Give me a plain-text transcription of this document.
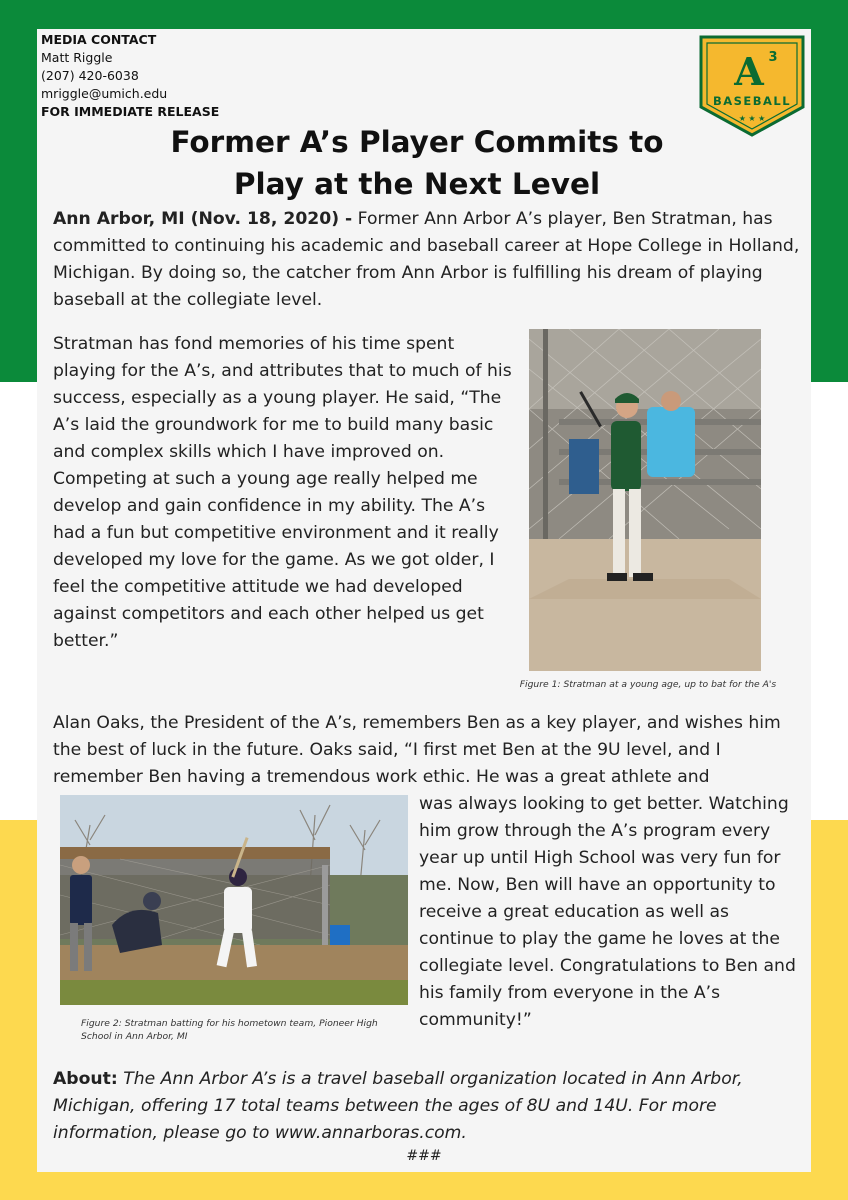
MEDIA CONTACT
Matt Riggle
(207) 420-6038
mriggle@umich.edu
FOR IMMEDIATE RELEASE
A 3
BASEBALL
★ ★ ★
Former A’s Player Commits to
Play at the Next Level

Ann Arbor, MI (Nov. 18, 2020) - Former Ann Arbor A’s player, Ben Stratman, has committed to continuing his academic and baseball career at Hope College in Holland, Michigan. By doing so, the catcher from Ann Arbor is fulfilling his dream of playing baseball at the collegiate level.

Stratman has fond memories of his time spent playing for the A’s, and attributes that to much of his success, especially as a young player. He said, “The A’s laid the groundwork for me to build many basic and complex skills which I have improved on. Competing at such a young age really helped me develop and gain confidence in my ability. The A’s had a fun but competitive environment and it really developed my love for the game. As we got older, I feel the competitive attitude we had developed against competitors and each other helped us get better.”

Figure 1: Stratman at a young age, up to bat for the A's

Alan Oaks, the President of the A’s, remembers Ben as a key player, and wishes him the best of luck in the future. Oaks said, “I first met Ben at the 9U level, and I remember Ben having a tremendous work ethic. He was a great athlete and

Figure 2: Stratman batting for his hometown team, Pioneer High School in Ann Arbor, MI

was always looking to get better. Watching him grow through the A’s program every year up until High School was very fun for me. Now, Ben will have an opportunity to receive a great education as well as continue to play the game he loves at the collegiate level. Congratulations to Ben and his family from everyone in the A’s community!”

About: The Ann Arbor A’s is a travel baseball organization located in Ann Arbor, Michigan, offering 17 total teams between the ages of 8U and 14U. For more information, please go to www.annarboras.com.

###
